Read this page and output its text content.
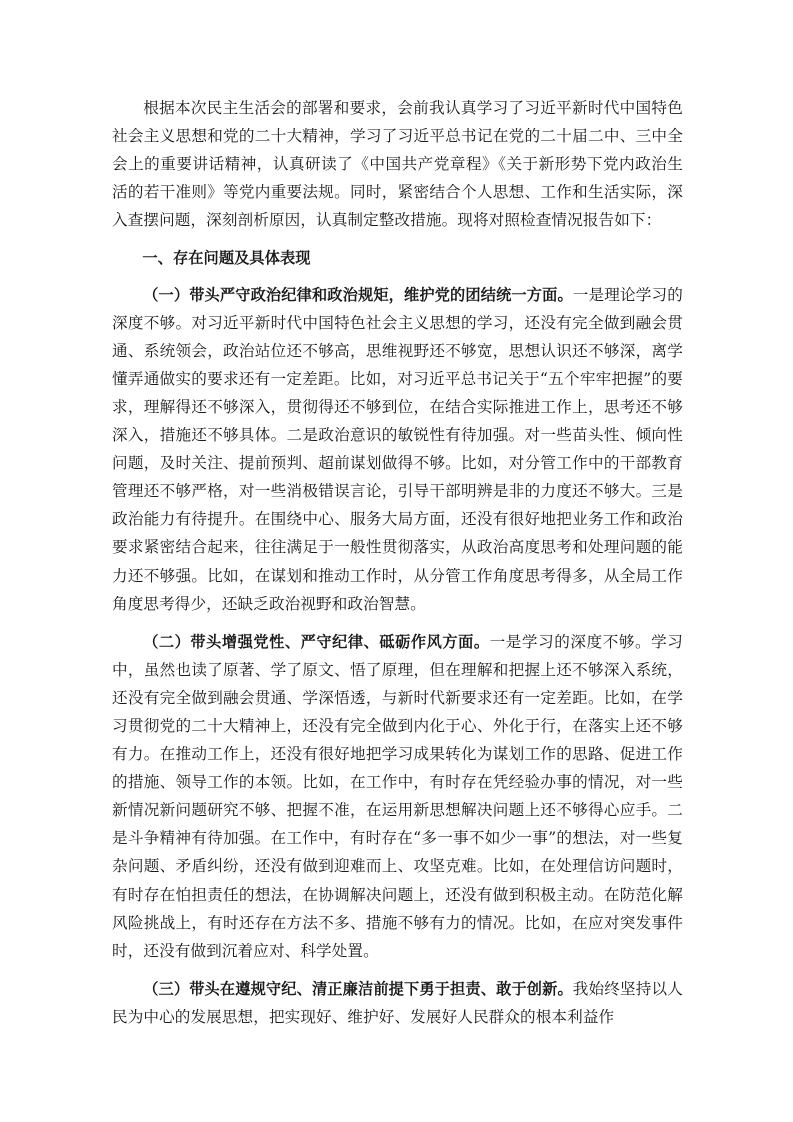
根据本次民主生活会的部署和要求，会前我认真学习了习近平新时代中国特色社会主义思想和党的二十大精神，学习了习近平总书记在党的二十届二中、三中全会上的重要讲话精神，认真研读了《中国共产党章程》《关于新形势下党内政治生活的若干准则》等党内重要法规。同时，紧密结合个人思想、工作和生活实际，深入查摆问题，深刻剖析原因，认真制定整改措施。现将对照检查情况报告如下：

一、存在问题及具体表现

（一）带头严守政治纪律和政治规矩，维护党的团结统一方面。一是理论学习的深度不够。对习近平新时代中国特色社会主义思想的学习，还没有完全做到融会贯通、系统领会，政治站位还不够高，思维视野还不够宽，思想认识还不够深，离学懂弄通做实的要求还有一定差距。比如，对习近平总书记关于“五个牢牢把握”的要求，理解得还不够深入，贯彻得还不够到位，在结合实际推进工作上，思考还不够深入，措施还不够具体。二是政治意识的敏锐性有待加强。对一些苗头性、倾向性问题，及时关注、提前预判、超前谋划做得不够。比如，对分管工作中的干部教育管理还不够严格，对一些消极错误言论，引导干部明辨是非的力度还不够大。三是政治能力有待提升。在围绕中心、服务大局方面，还没有很好地把业务工作和政治要求紧密结合起来，往往满足于一般性贯彻落实，从政治高度思考和处理问题的能力还不够强。比如，在谋划和推动工作时，从分管工作角度思考得多，从全局工作角度思考得少，还缺乏政治视野和政治智慧。

（二）带头增强党性、严守纪律、砥砺作风方面。一是学习的深度不够。学习中，虽然也读了原著、学了原文、悟了原理，但在理解和把握上还不够深入系统，还没有完全做到融会贯通、学深悟透，与新时代新要求还有一定差距。比如，在学习贯彻党的二十大精神上，还没有完全做到内化于心、外化于行，在落实上还不够有力。在推动工作上，还没有很好地把学习成果转化为谋划工作的思路、促进工作的措施、领导工作的本领。比如，在工作中，有时存在凭经验办事的情况，对一些新情况新问题研究不够、把握不准，在运用新思想解决问题上还不够得心应手。二是斗争精神有待加强。在工作中，有时存在“多一事不如少一事”的想法，对一些复杂问题、矛盾纠纷，还没有做到迎难而上、攻坚克难。比如，在处理信访问题时，有时存在怕担责任的想法，在协调解决问题上，还没有做到积极主动。在防范化解风险挑战上，有时还存在方法不多、措施不够有力的情况。比如，在应对突发事件时，还没有做到沉着应对、科学处置。

（三）带头在遵规守纪、清正廉洁前提下勇于担责、敢于创新。我始终坚持以人民为中心的发展思想，把实现好、维护好、发展好人民群众的根本利益作
